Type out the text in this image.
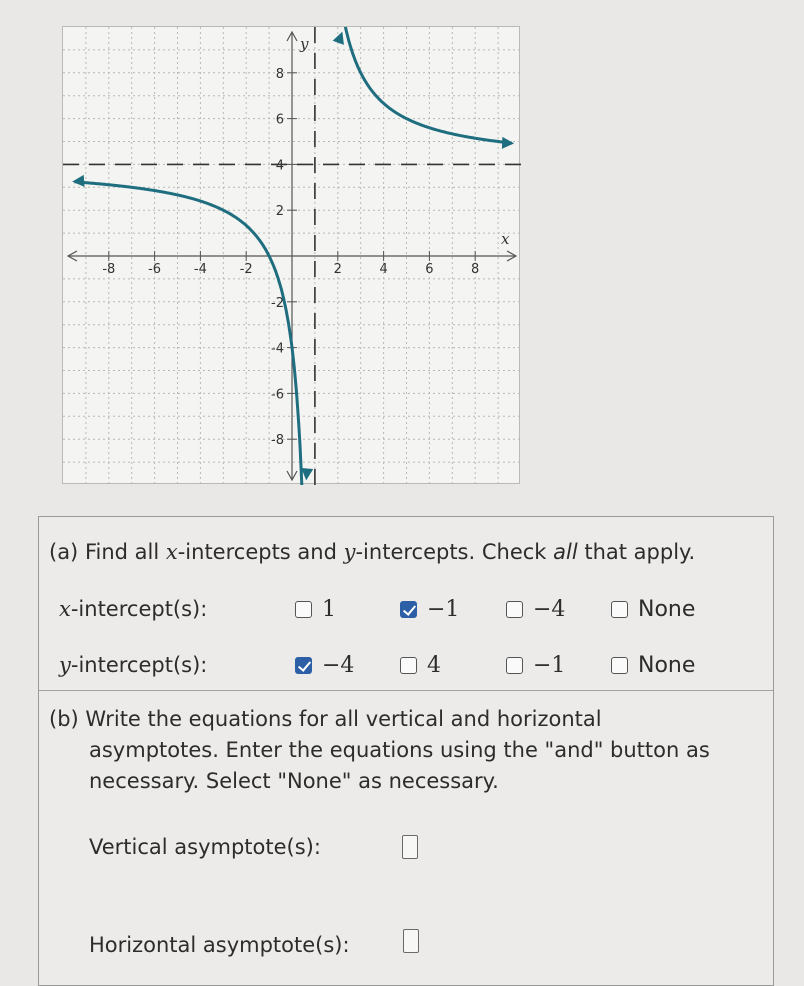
-8	-6	-4	-2	2	4	6	8
8
6
4
2
-2
-4
-6
-8
x
y
(a) Find all x-intercepts and y-intercepts. Check all that apply.
x-intercept(s):	1	−1	−4	None
y-intercept(s):	−4	4	−1	None
(b) Write the equations for all vertical and horizontal
asymptotes. Enter the equations using the "and" button as
necessary. Select "None" as necessary.
Vertical asymptote(s):
Horizontal asymptote(s):
